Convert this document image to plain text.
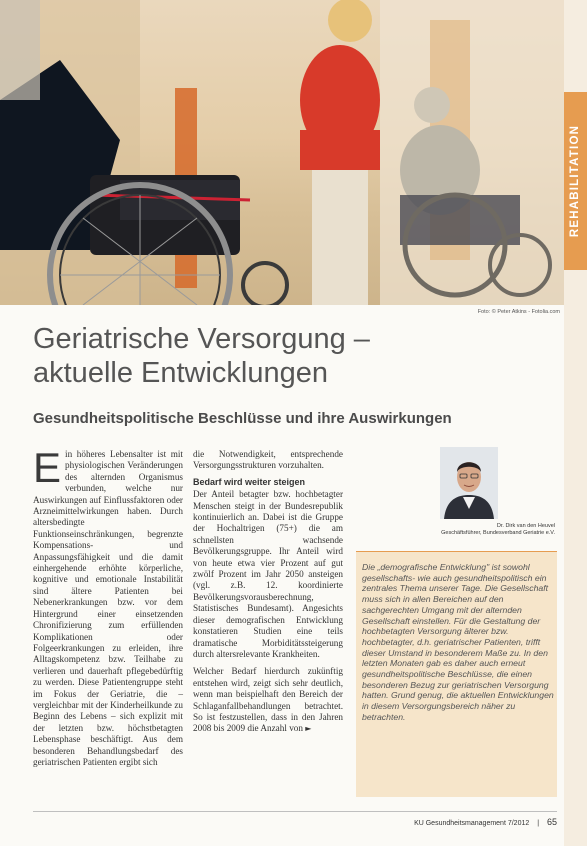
Foto: © Peter Atkins - Fotolia.com
REHABILITATION
Geriatrische Versorgung –
aktuelle Entwicklungen
Gesundheitspolitische Beschlüsse und ihre Auswirkungen

Ein höheres Lebensalter ist mit physiologischen Veränderungen des alternden Organismus verbunden, welche nur Auswirkungen auf Einflussfaktoren oder Arzneimittelwirkungen haben. Durch altersbedingte Funktionseinschränkungen, begrenzte Kompensations- und Anpassungsfähigkeit und die damit einhergehende erhöhte körperliche, kognitive und emotionale Instabilität sind ältere Patienten bei Nebenerkrankungen bzw. vor dem Hintergrund einer einsetzenden Chronifizierung zum erfüllenden Komplikationen oder Folgeerkrankungen zu erleiden, ihre Alltagskompetenz bzw. Teilhabe zu verlieren und dauerhaft pflegebedürftig zu werden. Diese Patientengruppe steht im Fokus der Geriatrie, die – vergleichbar mit der Kinderheilkunde zu Beginn des Lebens – sich explizit mit der letzten bzw. höchstbetagten Lebensphase beschäftigt. Aus dem besonderen Behandlungsbedarf des geriatrischen Patienten ergibt sich

die Notwendigkeit, entsprechende Versorgungsstrukturen vorzuhalten.

Bedarf wird weiter steigen

Der Anteil betagter bzw. hochbetagter Menschen steigt in der Bundesrepublik kontinuierlich an. Dabei ist die Gruppe der Hochaltrigen (75+) die am schnellsten wachsende Bevölkerungsgruppe. Ihr Anteil wird von heute etwa vier Prozent auf gut zwölf Prozent im Jahr 2050 ansteigen (vgl. z.B. 12. koordinierte Bevölkerungsvorausberechnung, Statistisches Bundesamt). Angesichts dieser demografischen Entwicklung konstatieren Studien eine teils dramatische Morbiditätssteigerung durch altersrelevante Krankheiten.

Welcher Bedarf hierdurch zukünftig entstehen wird, zeigt sich sehr deutlich, wenn man beispielhaft den Bereich der Schlaganfallbehandlungen betrachtet. So ist festzustellen, dass in den Jahren 2008 bis 2009 die Anzahl von ►

Dr. Dirk van den Heuvel
Geschäftsführer, Bundesverband Geriatrie e.V.

Die „demografische Entwicklung" ist sowohl gesellschafts- wie auch gesundheitspolitisch ein zentrales Thema unserer Tage. Die Gesellschaft muss sich in allen Bereichen auf den sachgerechten Umgang mit der alternden Gesellschaft einstellen. Für die Gestaltung der hochbetagten Versorgung älterer bzw. hochbetagter, d.h. geriatrischer Patienten, trifft dieser Umstand in besonderem Maße zu. In den letzten Monaten gab es daher auch erneut gesundheitspolitische Beschlüsse, die einen besonderen Bezug zur geriatrischen Versorgung hatten. Grund genug, die aktuellen Entwicklungen in diesem Versorgungsbereich näher zu betrachten.

KU Gesundheitsmanagement 7/2012 | 65
